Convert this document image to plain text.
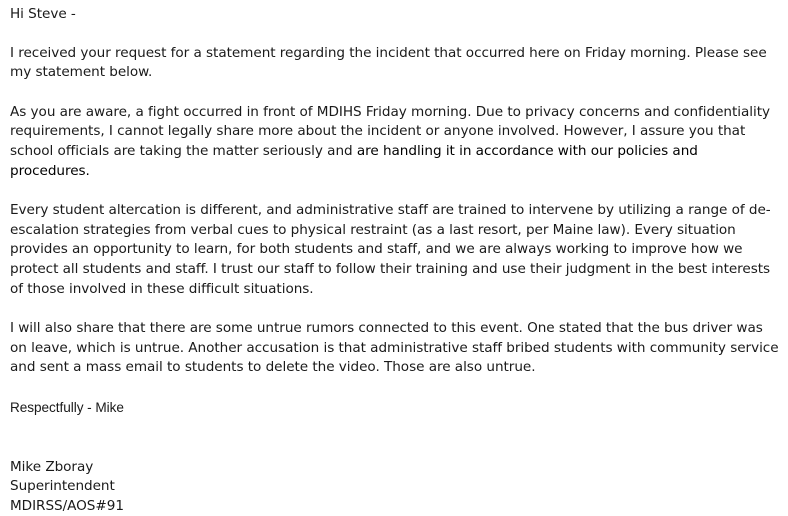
Hi Steve -

I received your request for a statement regarding the incident that occurred here on Friday morning. Please see my statement below.

As you are aware, a fight occurred in front of MDIHS Friday morning. Due to privacy concerns and confidentiality requirements, I cannot legally share more about the incident or anyone involved. However, I assure you that school officials are taking the matter seriously and are handling it in accordance with our policies and procedures.

Every student altercation is different, and administrative staff are trained to intervene by utilizing a range of de-escalation strategies from verbal cues to physical restraint (as a last resort, per Maine law). Every situation provides an opportunity to learn, for both students and staff, and we are always working to improve how we protect all students and staff. I trust our staff to follow their training and use their judgment in the best interests of those involved in these difficult situations.

I will also share that there are some untrue rumors connected to this event. One stated that the bus driver was on leave, which is untrue. Another accusation is that administrative staff bribed students with community service and sent a mass email to students to delete the video. Those are also untrue.

Respectfully - Mike

Mike Zboray
Superintendent
MDIRSS/AOS#91
